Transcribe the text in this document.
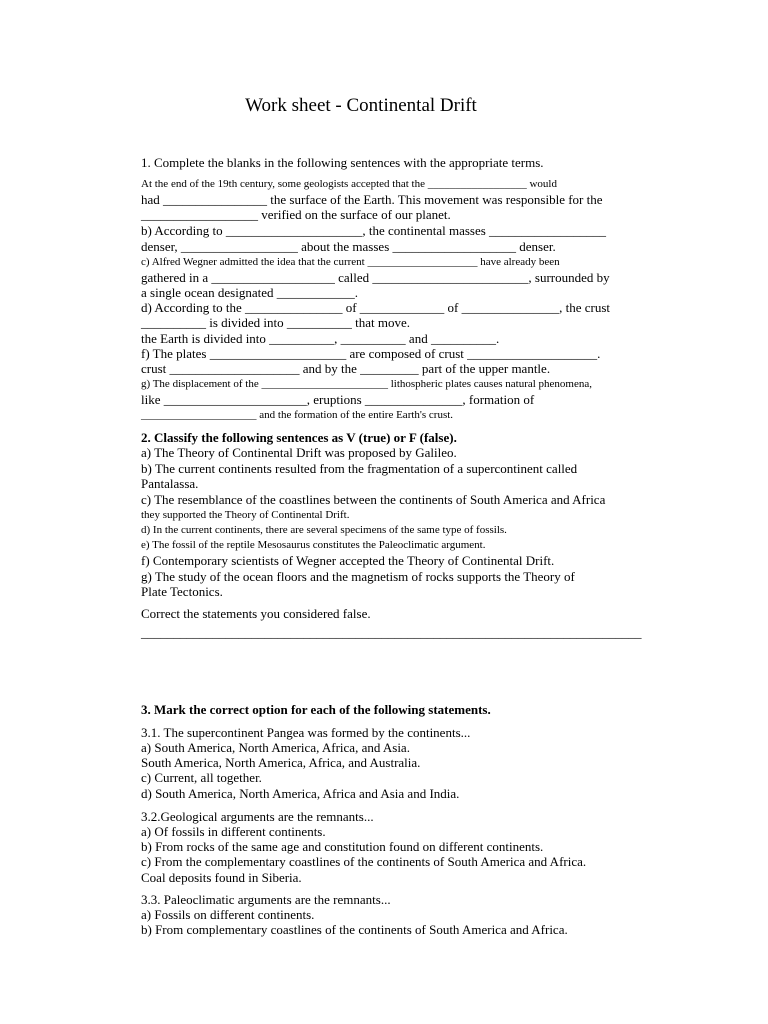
Work sheet - Continental Drift
1. Complete the blanks in the following sentences with the appropriate terms.
At the end of the 19th century, some geologists accepted that the __________________ would
had ________________ the surface of the Earth. This movement was responsible for the
__________________ verified on the surface of our planet.
b) According to _____________________, the continental masses __________________
denser, __________________ about the masses ___________________ denser.
c) Alfred Wegner admitted the idea that the current ____________________ have already been
gathered in a ___________________ called ________________________, surrounded by
a single ocean designated ____________.
d) According to the _______________ of _____________ of _______________, the crust
__________ is divided into __________ that move.
the Earth is divided into __________, __________ and __________.
f) The plates _____________________ are composed of crust ____________________.
crust ____________________ and by the _________ part of the upper mantle.
g) The displacement of the _______________________ lithospheric plates causes natural phenomena,
like ______________________, eruptions _______________, formation of
_____________________ and the formation of the entire Earth's crust.
2. Classify the following sentences as V (true) or F (false).
a) The Theory of Continental Drift was proposed by Galileo.
b) The current continents resulted from the fragmentation of a supercontinent called
Pantalassa.
c) The resemblance of the coastlines between the continents of South America and Africa
they supported the Theory of Continental Drift.
d) In the current continents, there are several specimens of the same type of fossils.
e) The fossil of the reptile Mesosaurus constitutes the Paleoclimatic argument.
f) Contemporary scientists of Wegner accepted the Theory of Continental Drift.
g) The study of the ocean floors and the magnetism of rocks supports the Theory of
Plate Tectonics.
Correct the statements you considered false.
_____________________________________________________________________________
3. Mark the correct option for each of the following statements.
3.1. The supercontinent Pangea was formed by the continents...
a) South America, North America, Africa, and Asia.
South America, North America, Africa, and Australia.
c) Current, all together.
d) South America, North America, Africa and Asia and India.
3.2.Geological arguments are the remnants...
a) Of fossils in different continents.
b) From rocks of the same age and constitution found on different continents.
c) From the complementary coastlines of the continents of South America and Africa.
Coal deposits found in Siberia.
3.3. Paleoclimatic arguments are the remnants...
a) Fossils on different continents.
b) From complementary coastlines of the continents of South America and Africa.
